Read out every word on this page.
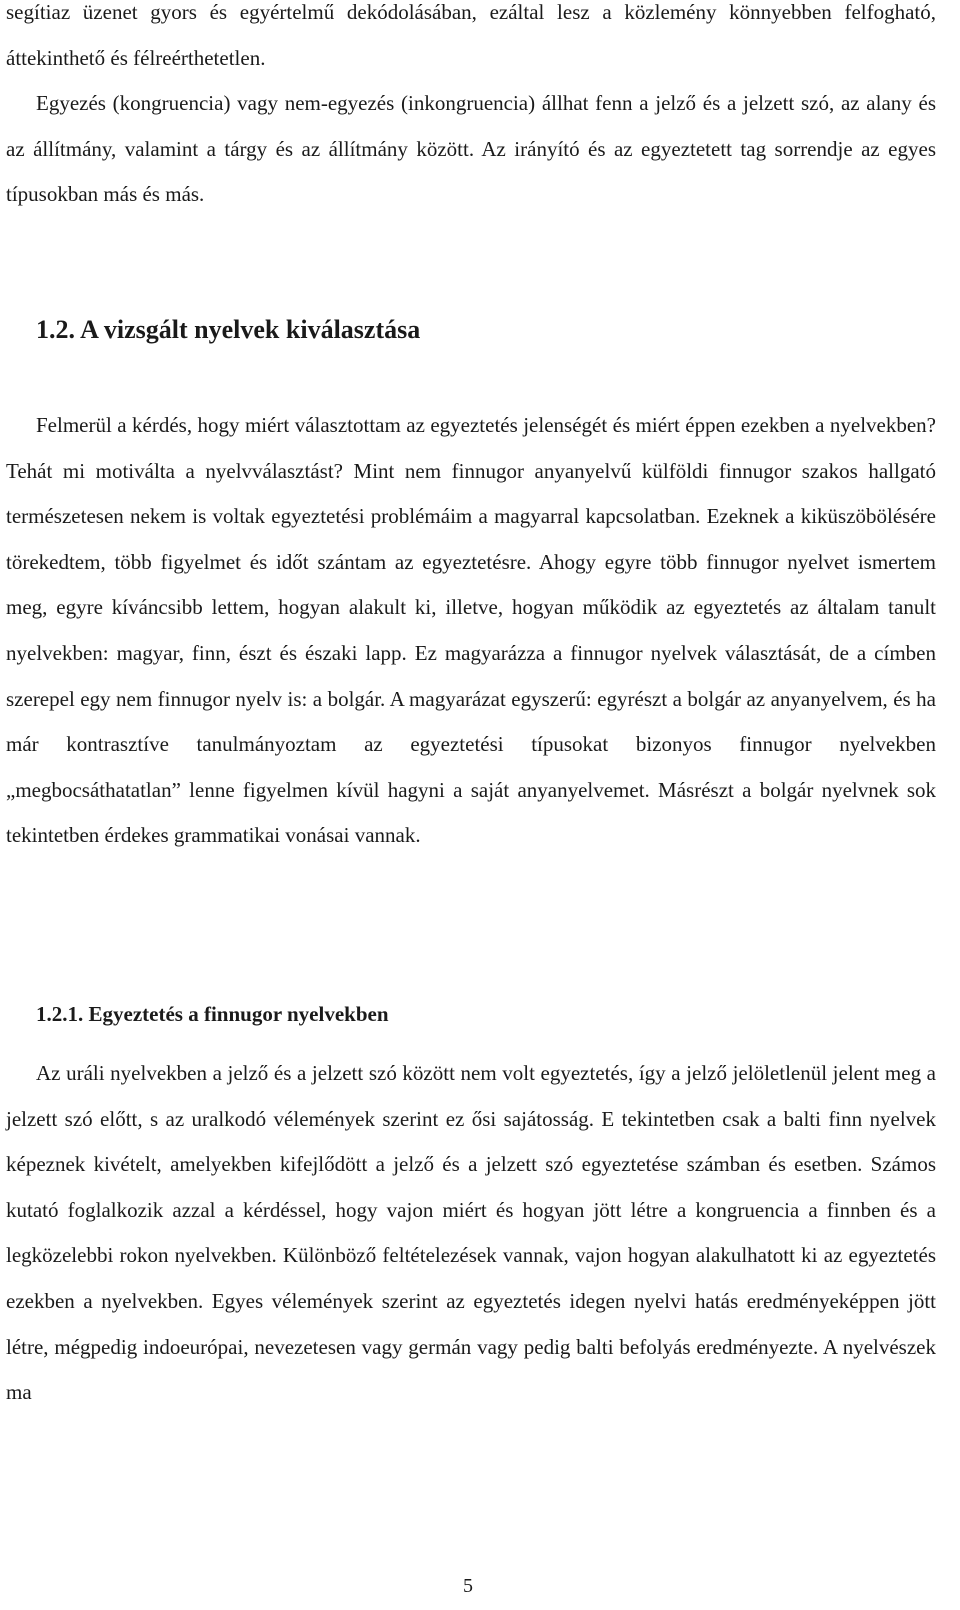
segítiaz üzenet gyors és egyértelmű dekódolásában, ezáltal lesz a közlemény könnyebben felfogható, áttekinthető és félreérthetetlen.

Egyezés (kongruencia) vagy nem-egyezés (inkongruencia) állhat fenn a jelző és a jelzett szó, az alany és az állítmány, valamint a tárgy és az állítmány között. Az irányító és az egyeztetett tag sorrendje az egyes típusokban más és más.

1.2. A vizsgált nyelvek kiválasztása

Felmerül a kérdés, hogy miért választottam az egyeztetés jelenségét és miért éppen ezekben a nyelvekben? Tehát mi motiválta a nyelvválasztást? Mint nem finnugor anyanyelvű külföldi finnugor szakos hallgató természetesen nekem is voltak egyeztetési problémáim a magyarral kapcsolatban. Ezeknek a kiküszöbölésére törekedtem, több figyelmet és időt szántam az egyeztetésre. Ahogy egyre több finnugor nyelvet ismertem meg, egyre kíváncsibb lettem, hogyan alakult ki, illetve, hogyan működik az egyeztetés az általam tanult nyelvekben: magyar, finn, észt és északi lapp. Ez magyarázza a finnugor nyelvek választását, de a címben szerepel egy nem finnugor nyelv is: a bolgár. A magyarázat egyszerű: egyrészt a bolgár az anyanyelvem, és ha már kontrasztíve tanulmányoztam az egyeztetési típusokat bizonyos finnugor nyelvekben „megbocsáthatatlan” lenne figyelmen kívül hagyni a saját anyanyelvemet. Másrészt a bolgár nyelvnek sok tekintetben érdekes grammatikai vonásai vannak.

1.2.1. Egyeztetés a finnugor nyelvekben

Az uráli nyelvekben a jelző és a jelzett szó között nem volt egyeztetés, így a jelző jelöletlenül jelent meg a jelzett szó előtt, s az uralkodó vélemények szerint ez ősi sajátosság. E tekintetben csak a balti finn nyelvek képeznek kivételt, amelyekben kifejlődött a jelző és a jelzett szó egyeztetése számban és esetben. Számos kutató foglalkozik azzal a kérdéssel, hogy vajon miért és hogyan jött létre a kongruencia a finnben és a legközelebbi rokon nyelvekben. Különböző feltételezések vannak, vajon hogyan alakulhatott ki az egyeztetés ezekben a nyelvekben. Egyes vélemények szerint az egyeztetés idegen nyelvi hatás eredményeképpen jött létre, mégpedig indoeurópai, nevezetesen vagy germán vagy pedig balti befolyás eredményezte. A nyelvészek ma

5
